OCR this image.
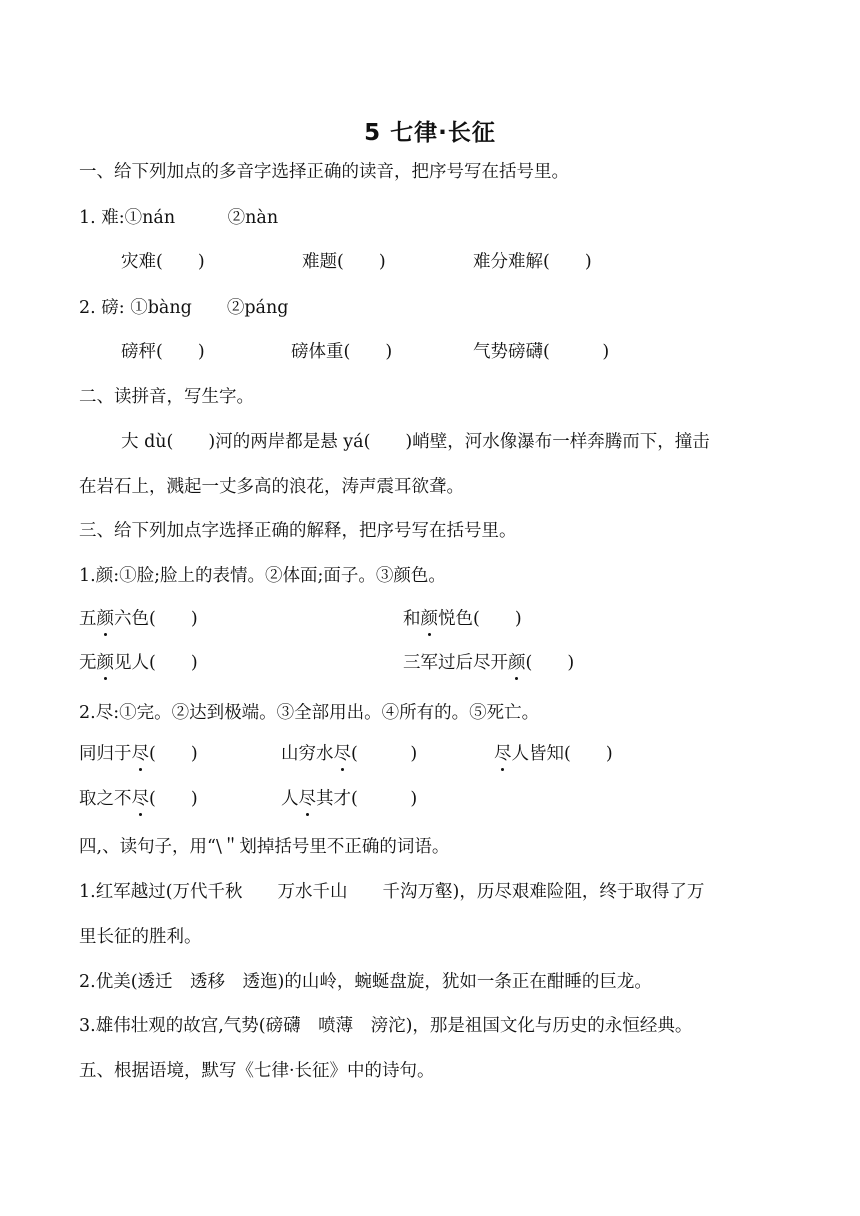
5 七律·长征
一、给下列加点的多音字选择正确的读音，把序号写在括号里。
1. 难:①nán　　　②nàn
灾难(　　)	难题(　　)	难分难解(　　)
2. 磅: ①bàng　　②páng
磅秤(　　)	磅体重(　　)	气势磅礴(　　　)
二、读拼音，写生字。
大 dù(　　)河的两岸都是悬 yá(　　)峭壁，河水像瀑布一样奔腾而下，撞击
在岩石上，溅起一丈多高的浪花，涛声震耳欲聋。
三、给下列加点字选择正确的解释，把序号写在括号里。
1.颜:①脸;脸上的表情。②体面;面子。③颜色。
五颜六色(　　)	和颜悦色(　　)
无颜见人(　　)	三军过后尽开颜(　　)
2.尽:①完。②达到极端。③全部用出。④所有的。⑤死亡。
同归于尽(　　)	山穷水尽(　　　)	尽人皆知(　　)
取之不尽(　　)	人尽其才(　　　)
四,、读句子，用“\＂划掉括号里不正确的词语。
1.红军越过(万代千秋　　万水千山　　千沟万壑)，历尽艰难险阻，终于取得了万
里长征的胜利。
2.优美(透迁　透移　透迤)的山岭，蜿蜒盘旋，犹如一条正在酣睡的巨龙。
3.雄伟壮观的故宫,气势(磅礴　喷薄　滂沱)，那是祖国文化与历史的永恒经典。
五、根据语境，默写《七律·长征》中的诗句。
